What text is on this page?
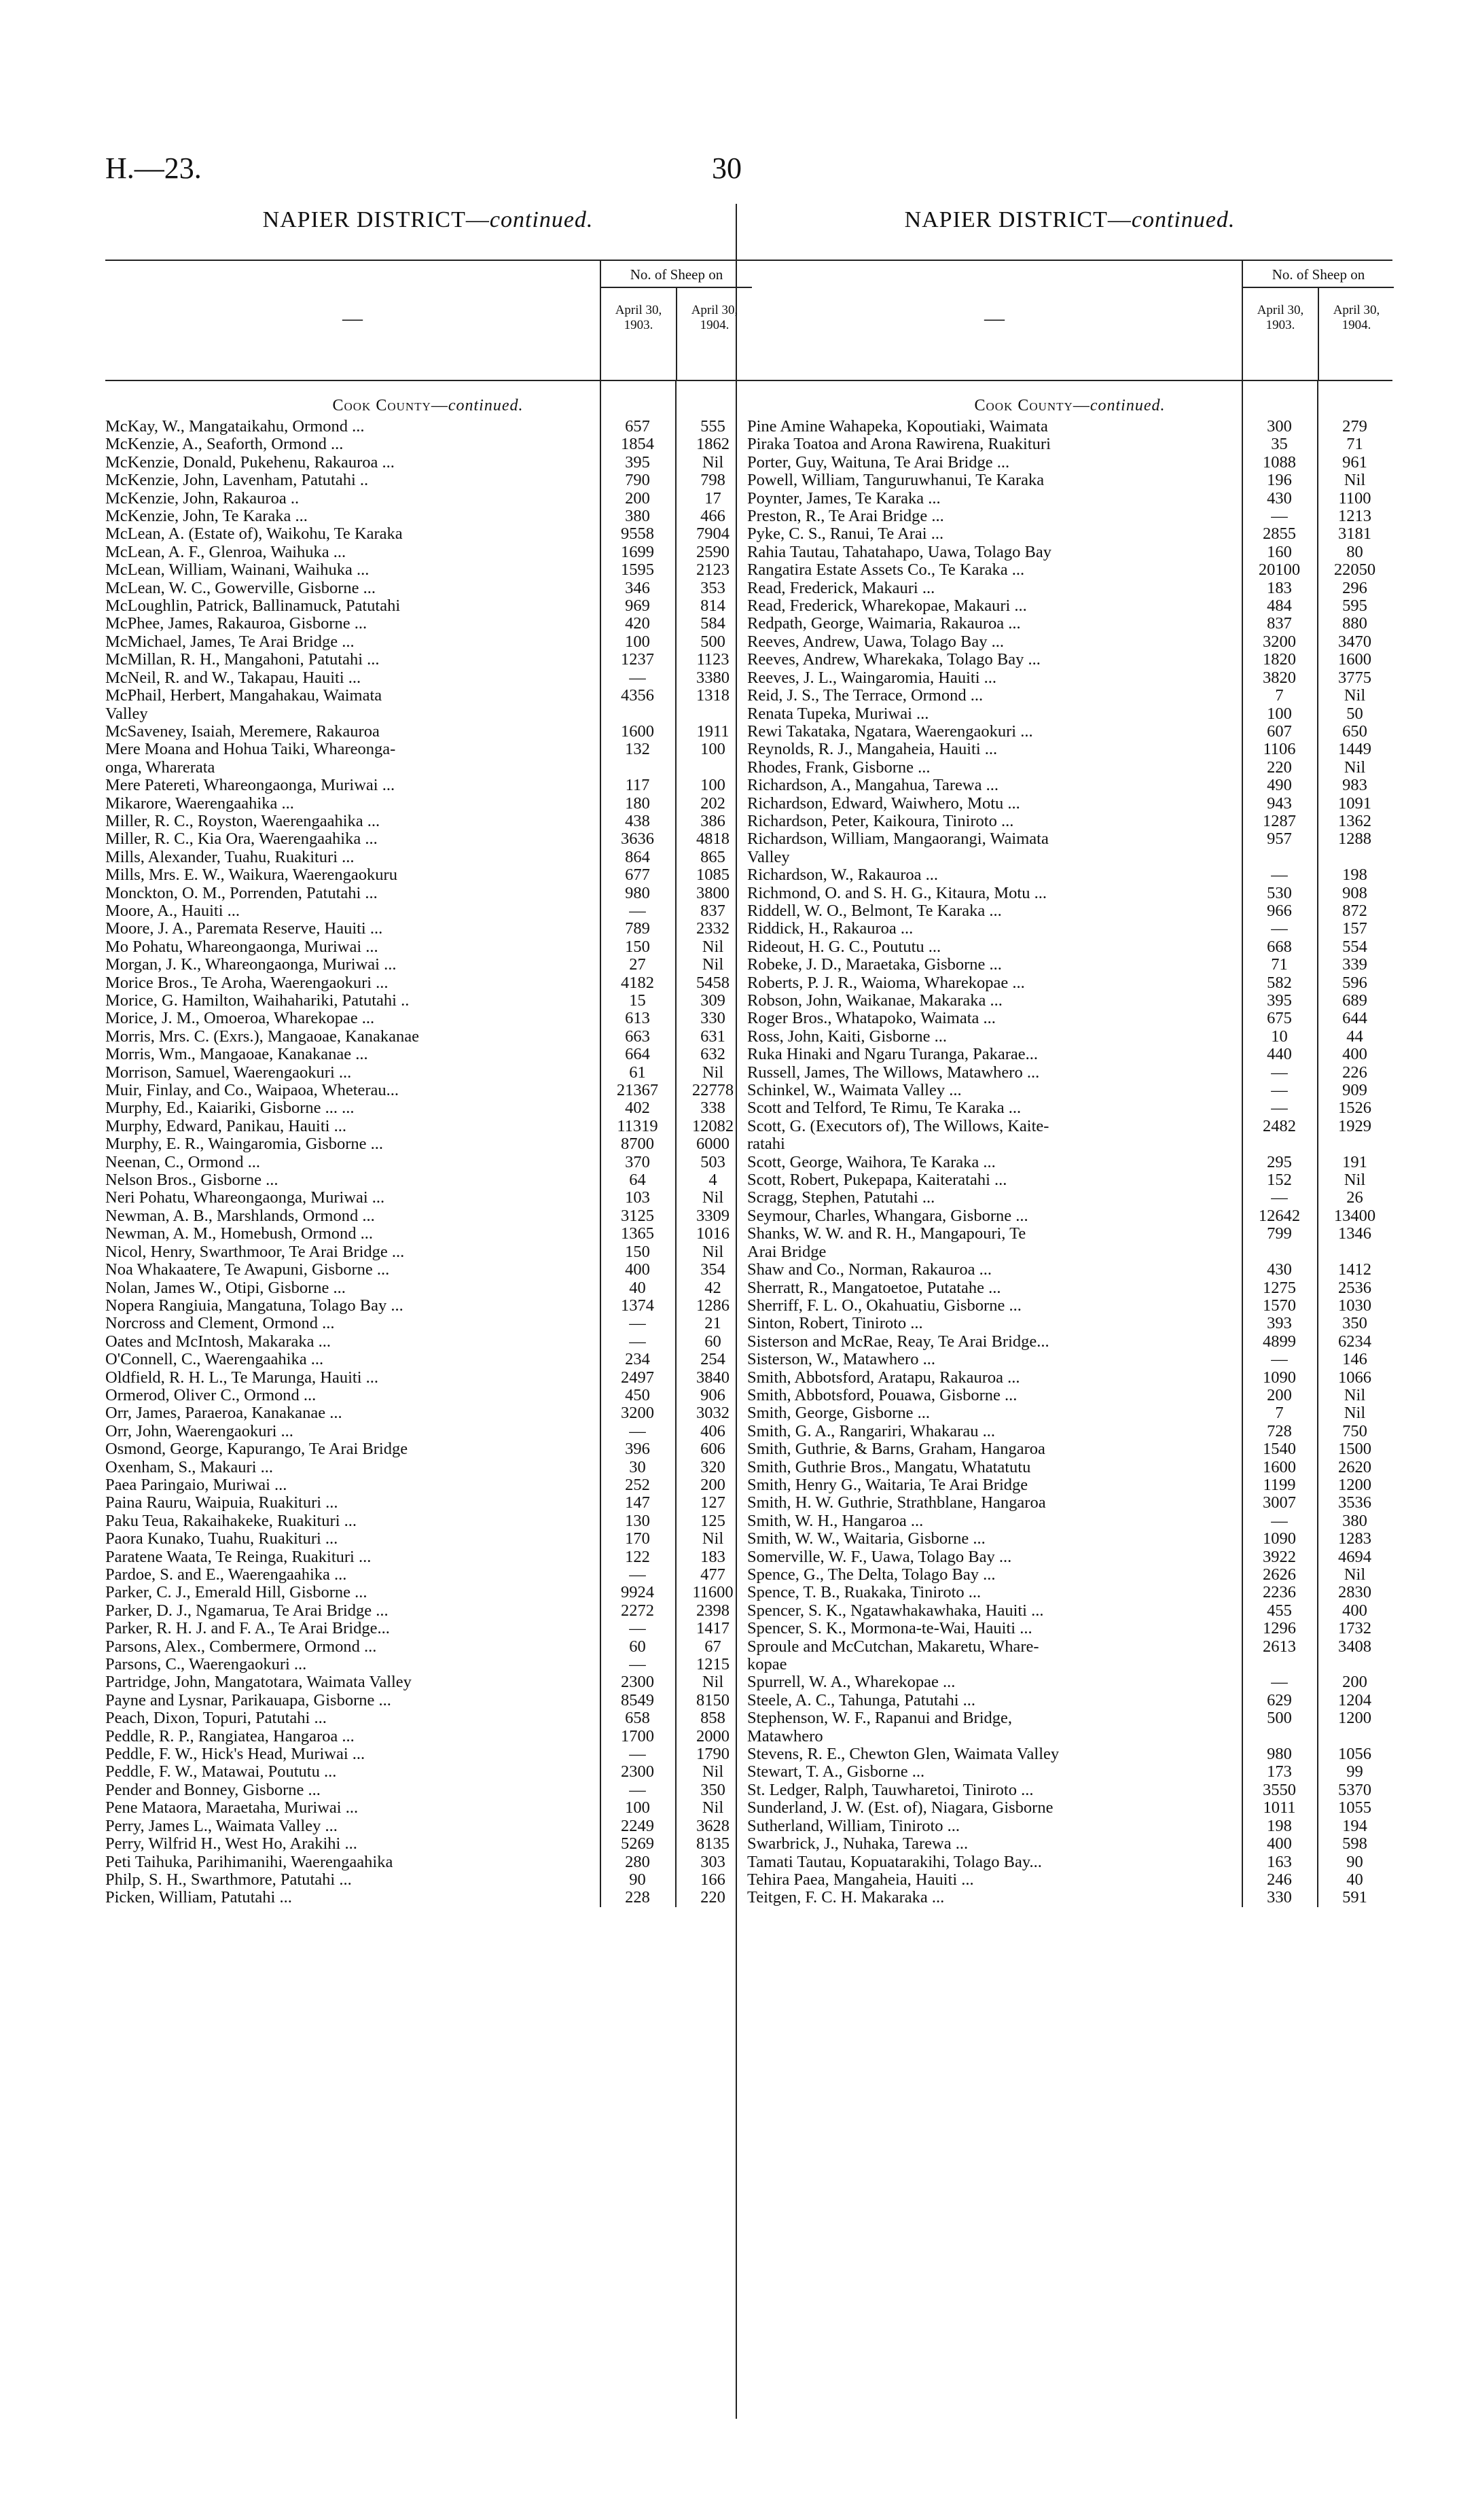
H.—23.	30
NAPIER DISTRICT—continued.
—
No. of Sheep on
April 30,
1903.
April 30,
1904.
Cook County—continued.
McKay, W., Mangataikahu, Ormond ...	657	555
McKenzie, A., Seaforth, Ormond ...	1854	1862
McKenzie, Donald, Pukehenu, Rakauroa ...	395	Nil
McKenzie, John, Lavenham, Patutahi ..	790	798
McKenzie, John, Rakauroa ..	200	17
McKenzie, John, Te Karaka ...	380	466
McLean, A. (Estate of), Waikohu, Te Karaka	9558	7904
McLean, A. F., Glenroa, Waihuka ...	1699	2590
McLean, William, Wainani, Waihuka ...	1595	2123
McLean, W. C., Gowerville, Gisborne ...	346	353
McLoughlin, Patrick, Ballinamuck, Patutahi	969	814
McPhee, James, Rakauroa, Gisborne ...	420	584
McMichael, James, Te Arai Bridge ...	100	500
McMillan, R. H., Mangahoni, Patutahi ...	1237	1123
McNeil, R. and W., Takapau, Hauiti ...	—	3380
McPhail, Herbert, Mangahakau, Waimata
Valley
4356	1318
McSaveney, Isaiah, Meremere, Rakauroa	1600	1911
Mere Moana and Hohua Taiki, Whareonga-
onga, Wharerata
132	100
Mere Patereti, Whareongaonga, Muriwai ...	117	100
Mikarore, Waerengaahika ...	180	202
Miller, R. C., Royston, Waerengaahika ...	438	386
Miller, R. C., Kia Ora, Waerengaahika ...	3636	4818
Mills, Alexander, Tuahu, Ruakituri ...	864	865
Mills, Mrs. E. W., Waikura, Waerengaokuru	677	1085
Monckton, O. M., Porrenden, Patutahi ...	980	3800
Moore, A., Hauiti ...	—	837
Moore, J. A., Paremata Reserve, Hauiti ...	789	2332
Mo Pohatu, Whareongaonga, Muriwai ...	150	Nil
Morgan, J. K., Whareongaonga, Muriwai ...	27	Nil
Morice Bros., Te Aroha, Waerengaokuri ...	4182	5458
Morice, G. Hamilton, Waihahariki, Patutahi ..	15	309
Morice, J. M., Omoeroa, Wharekopae ...	613	330
Morris, Mrs. C. (Exrs.), Mangaoae, Kanakanae	663	631
Morris, Wm., Mangaoae, Kanakanae ...	664	632
Morrison, Samuel, Waerengaokuri ...	61	Nil
Muir, Finlay, and Co., Waipaoa, Wheterau...	21367	22778
Murphy, Ed., Kaiariki, Gisborne ... ...	402	338
Murphy, Edward, Panikau, Hauiti ...	11319	12082
Murphy, E. R., Waingaromia, Gisborne ...	8700	6000
Neenan, C., Ormond ...	370	503
Nelson Bros., Gisborne ...	64	4
Neri Pohatu, Whareongaonga, Muriwai ...	103	Nil
Newman, A. B., Marshlands, Ormond ...	3125	3309
Newman, A. M., Homebush, Ormond ...	1365	1016
Nicol, Henry, Swarthmoor, Te Arai Bridge ...	150	Nil
Noa Whakaatere, Te Awapuni, Gisborne ...	400	354
Nolan, James W., Otipi, Gisborne ...	40	42
Nopera Rangiuia, Mangatuna, Tolago Bay ...	1374	1286
Norcross and Clement, Ormond ...	—	21
Oates and McIntosh, Makaraka ...	—	60
O'Connell, C., Waerengaahika ...	234	254
Oldfield, R. H. L., Te Marunga, Hauiti ...	2497	3840
Ormerod, Oliver C., Ormond ...	450	906
Orr, James, Paraeroa, Kanakanae ...	3200	3032
Orr, John, Waerengaokuri ...	—	406
Osmond, George, Kapurango, Te Arai Bridge	396	606
Oxenham, S., Makauri ...	30	320
Paea Paringaio, Muriwai ...	252	200
Paina Rauru, Waipuia, Ruakituri ...	147	127
Paku Teua, Rakaihakeke, Ruakituri ...	130	125
Paora Kunako, Tuahu, Ruakituri ...	170	Nil
Paratene Waata, Te Reinga, Ruakituri ...	122	183
Pardoe, S. and E., Waerengaahika ...	—	477
Parker, C. J., Emerald Hill, Gisborne ...	9924	11600
Parker, D. J., Ngamarua, Te Arai Bridge ...	2272	2398
Parker, R. H. J. and F. A., Te Arai Bridge...	—	1417
Parsons, Alex., Combermere, Ormond ...	60	67
Parsons, C., Waerengaokuri ...	—	1215
Partridge, John, Mangatotara, Waimata Valley	2300	Nil
Payne and Lysnar, Parikauapa, Gisborne ...	8549	8150
Peach, Dixon, Topuri, Patutahi ...	658	858
Peddle, R. P., Rangiatea, Hangaroa ...	1700	2000
Peddle, F. W., Hick's Head, Muriwai ...	—	1790
Peddle, F. W., Matawai, Poututu ...	2300	Nil
Pender and Bonney, Gisborne ...	—	350
Pene Mataora, Maraetaha, Muriwai ...	100	Nil
Perry, James L., Waimata Valley ...	2249	3628
Perry, Wilfrid H., West Ho, Arakihi ...	5269	8135
Peti Taihuka, Parihimanihi, Waerengaahika	280	303
Philp, S. H., Swarthmore, Patutahi ...	90	166
Picken, William, Patutahi ...	228	220
NAPIER DISTRICT—continued.
—
No. of Sheep on
April 30,
1903.
April 30,
1904.
Cook County—continued.
Pine Amine Wahapeka, Kopoutiaki, Waimata	300	279
Piraka Toatoa and Arona Rawirena, Ruakituri	35	71
Porter, Guy, Waituna, Te Arai Bridge ...	1088	961
Powell, William, Tanguruwhanui, Te Karaka	196	Nil
Poynter, James, Te Karaka ...	430	1100
Preston, R., Te Arai Bridge ...	—	1213
Pyke, C. S., Ranui, Te Arai ...	2855	3181
Rahia Tautau, Tahatahapo, Uawa, Tolago Bay	160	80
Rangatira Estate Assets Co., Te Karaka ...	20100	22050
Read, Frederick, Makauri ...	183	296
Read, Frederick, Wharekopae, Makauri ...	484	595
Redpath, George, Waimaria, Rakauroa ...	837	880
Reeves, Andrew, Uawa, Tolago Bay ...	3200	3470
Reeves, Andrew, Wharekaka, Tolago Bay ...	1820	1600
Reeves, J. L., Waingaromia, Hauiti ...	3820	3775
Reid, J. S., The Terrace, Ormond ...	7	Nil
Renata Tupeka, Muriwai ...	100	50
Rewi Takataka, Ngatara, Waerengaokuri ...	607	650
Reynolds, R. J., Mangaheia, Hauiti ...	1106	1449
Rhodes, Frank, Gisborne ...	220	Nil
Richardson, A., Mangahua, Tarewa ...	490	983
Richardson, Edward, Waiwhero, Motu ...	943	1091
Richardson, Peter, Kaikoura, Tiniroto ...	1287	1362
Richardson, William, Mangaorangi, Waimata
Valley
957	1288
Richardson, W., Rakauroa ...	—	198
Richmond, O. and S. H. G., Kitaura, Motu ...	530	908
Riddell, W. O., Belmont, Te Karaka ...	966	872
Riddick, H., Rakauroa ...	—	157
Rideout, H. G. C., Poututu ...	668	554
Robeke, J. D., Maraetaka, Gisborne ...	71	339
Roberts, P. J. R., Waioma, Wharekopae ...	582	596
Robson, John, Waikanae, Makaraka ...	395	689
Roger Bros., Whatapoko, Waimata ...	675	644
Ross, John, Kaiti, Gisborne ...	10	44
Ruka Hinaki and Ngaru Turanga, Pakarae...	440	400
Russell, James, The Willows, Matawhero ...	—	226
Schinkel, W., Waimata Valley ...	—	909
Scott and Telford, Te Rimu, Te Karaka ...	—	1526
Scott, G. (Executors of), The Willows, Kaite-
ratahi
2482	1929
Scott, George, Waihora, Te Karaka ...	295	191
Scott, Robert, Pukepapa, Kaiteratahi ...	152	Nil
Scragg, Stephen, Patutahi ...	—	26
Seymour, Charles, Whangara, Gisborne ...	12642	13400
Shanks, W. W. and R. H., Mangapouri, Te
Arai Bridge
799	1346
Shaw and Co., Norman, Rakauroa ...	430	1412
Sherratt, R., Mangatoetoe, Putatahe ...	1275	2536
Sherriff, F. L. O., Okahuatiu, Gisborne ...	1570	1030
Sinton, Robert, Tiniroto ...	393	350
Sisterson and McRae, Reay, Te Arai Bridge...	4899	6234
Sisterson, W., Matawhero ...	—	146
Smith, Abbotsford, Aratapu, Rakauroa ...	1090	1066
Smith, Abbotsford, Pouawa, Gisborne ...	200	Nil
Smith, George, Gisborne ...	7	Nil
Smith, G. A., Rangariri, Whakarau ...	728	750
Smith, Guthrie, & Barns, Graham, Hangaroa	1540	1500
Smith, Guthrie Bros., Mangatu, Whatatutu	1600	2620
Smith, Henry G., Waitaria, Te Arai Bridge	1199	1200
Smith, H. W. Guthrie, Strathblane, Hangaroa	3007	3536
Smith, W. H., Hangaroa ...	—	380
Smith, W. W., Waitaria, Gisborne ...	1090	1283
Somerville, W. F., Uawa, Tolago Bay ...	3922	4694
Spence, G., The Delta, Tolago Bay ...	2626	Nil
Spence, T. B., Ruakaka, Tiniroto ...	2236	2830
Spencer, S. K., Ngatawhakawhaka, Hauiti ...	455	400
Spencer, S. K., Mormona-te-Wai, Hauiti ...	1296	1732
Sproule and McCutchan, Makaretu, Whare-
kopae
2613	3408
Spurrell, W. A., Wharekopae ...	—	200
Steele, A. C., Tahunga, Patutahi ...	629	1204
Stephenson, W. F., Rapanui and Bridge,
Matawhero
500	1200
Stevens, R. E., Chewton Glen, Waimata Valley	980	1056
Stewart, T. A., Gisborne ...	173	99
St. Ledger, Ralph, Tauwharetoi, Tiniroto ...	3550	5370
Sunderland, J. W. (Est. of), Niagara, Gisborne	1011	1055
Sutherland, William, Tiniroto ...	198	194
Swarbrick, J., Nuhaka, Tarewa ...	400	598
Tamati Tautau, Kopuatarakihi, Tolago Bay...	163	90
Tehira Paea, Mangaheia, Hauiti ...	246	40
Teitgen, F. C. H. Makaraka ...	330	591
